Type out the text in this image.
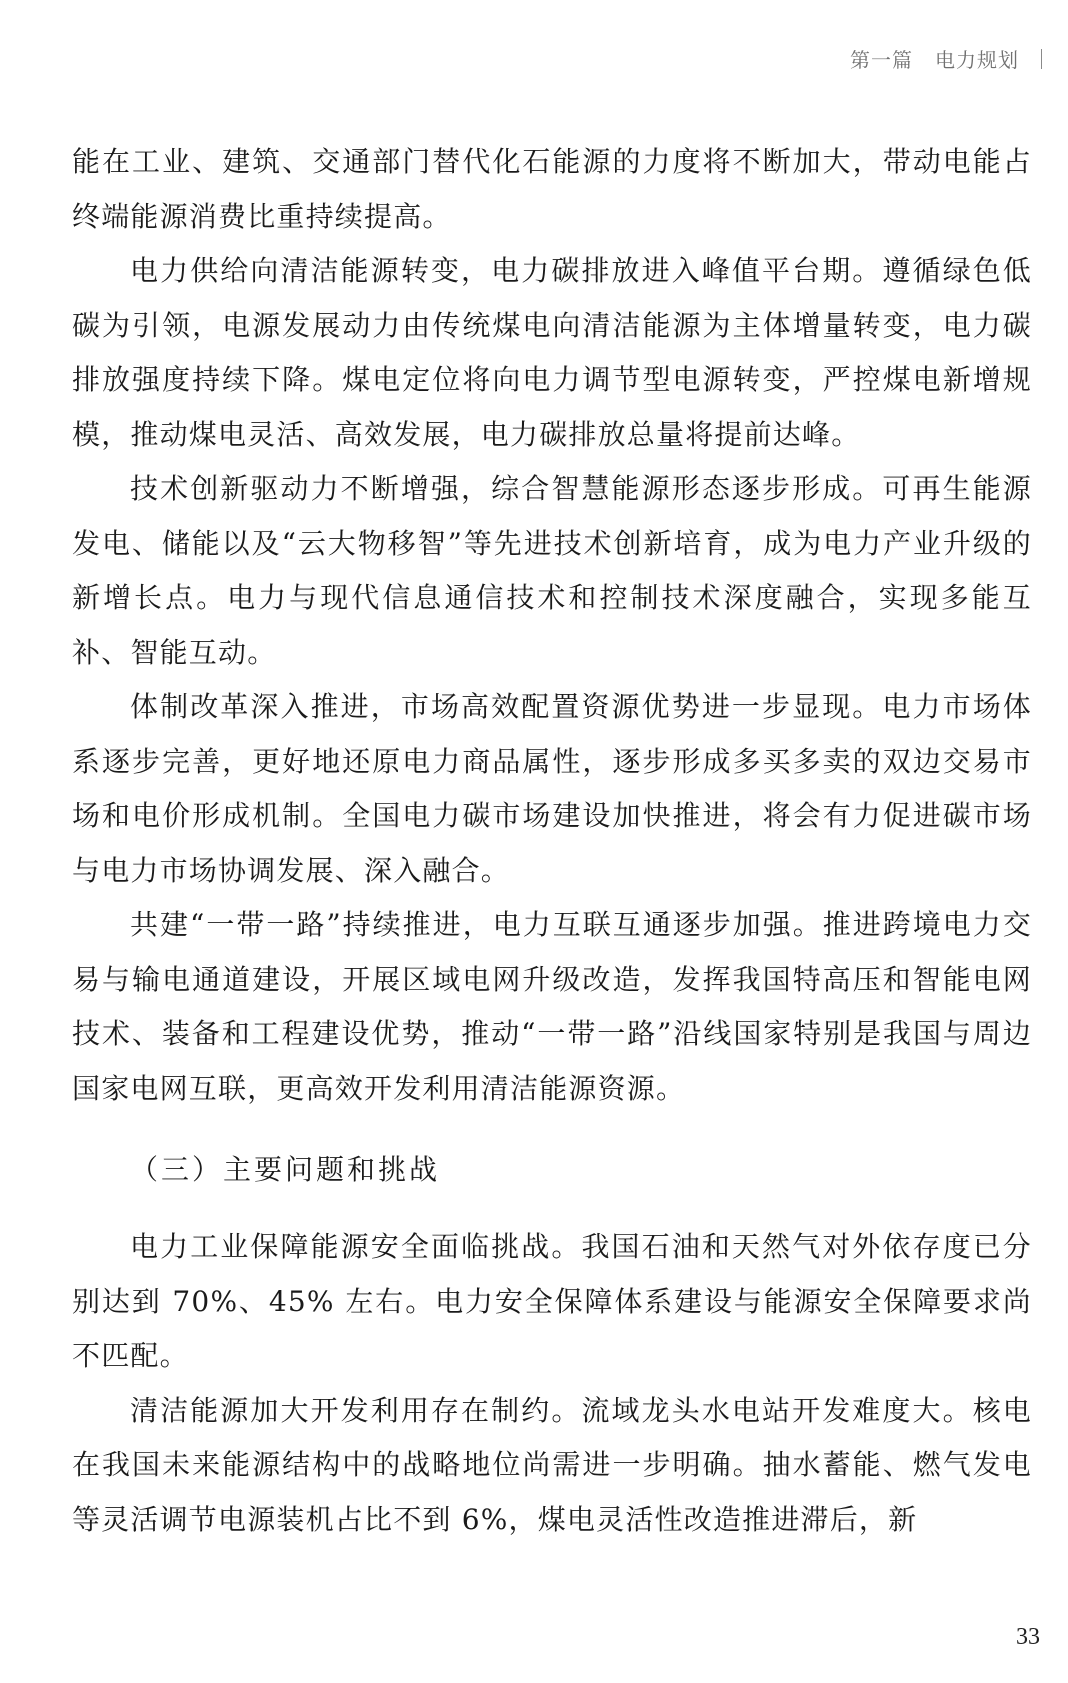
第一篇 电力规划

能在工业、建筑、交通部门替代化石能源的力度将不断加大，带动电能占终端能源消费比重持续提高。

电力供给向清洁能源转变，电力碳排放进入峰值平台期。遵循绿色低碳为引领，电源发展动力由传统煤电向清洁能源为主体增量转变，电力碳排放强度持续下降。煤电定位将向电力调节型电源转变，严控煤电新增规模，推动煤电灵活、高效发展，电力碳排放总量将提前达峰。

技术创新驱动力不断增强，综合智慧能源形态逐步形成。可再生能源发电、储能以及“云大物移智”等先进技术创新培育，成为电力产业升级的新增长点。电力与现代信息通信技术和控制技术深度融合，实现多能互补、智能互动。

体制改革深入推进，市场高效配置资源优势进一步显现。电力市场体系逐步完善，更好地还原电力商品属性，逐步形成多买多卖的双边交易市场和电价形成机制。全国电力碳市场建设加快推进，将会有力促进碳市场与电力市场协调发展、深入融合。

共建“一带一路”持续推进，电力互联互通逐步加强。推进跨境电力交易与输电通道建设，开展区域电网升级改造，发挥我国特高压和智能电网技术、装备和工程建设优势，推动“一带一路”沿线国家特别是我国与周边国家电网互联，更高效开发利用清洁能源资源。

（三）主要问题和挑战

电力工业保障能源安全面临挑战。我国石油和天然气对外依存度已分别达到 70%、45% 左右。电力安全保障体系建设与能源安全保障要求尚不匹配。

清洁能源加大开发利用存在制约。流域龙头水电站开发难度大。核电在我国未来能源结构中的战略地位尚需进一步明确。抽水蓄能、燃气发电等灵活调节电源装机占比不到 6%，煤电灵活性改造推进滞后，新

33
